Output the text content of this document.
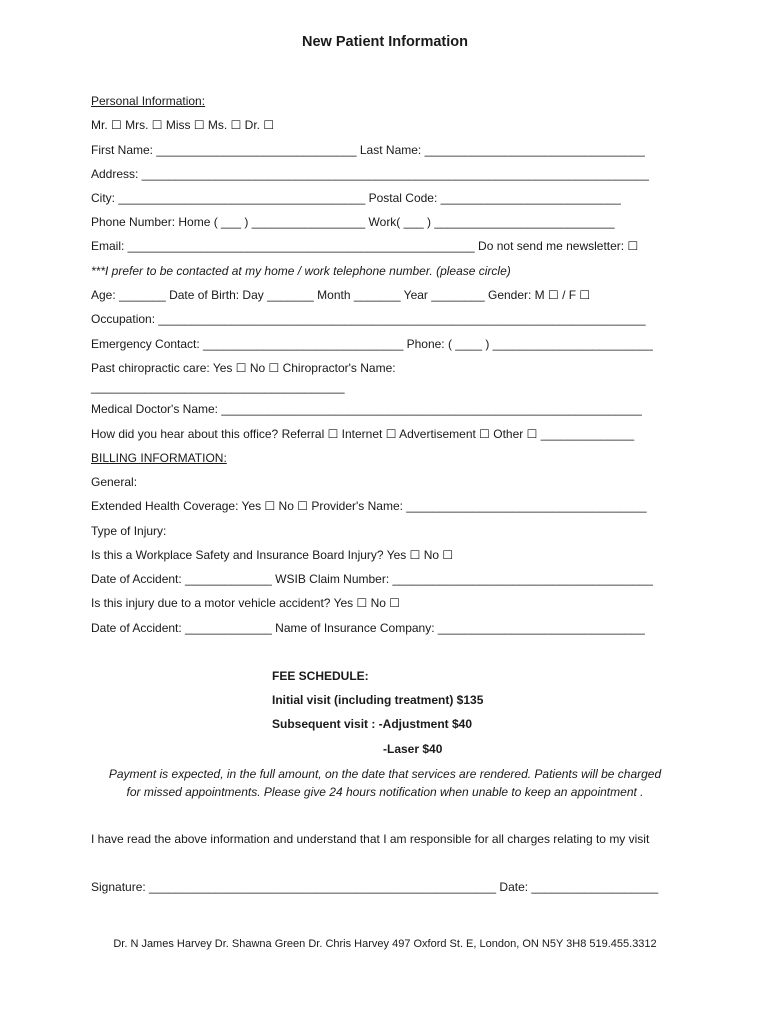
New Patient Information
Personal Information:
Mr. ☐ Mrs. ☐ Miss ☐ Ms. ☐ Dr. ☐
First Name: ______________________________ Last Name: _________________________________
Address: ____________________________________________________________________________
City: _____________________________________ Postal Code: ___________________________
Phone Number: Home ( ___ ) _________________ Work( ___ ) ___________________________
Email: ____________________________________________________ Do not send me newsletter: ☐
***I prefer to be contacted at my home / work telephone number. (please circle)
Age: _______ Date of Birth: Day _______ Month _______ Year ________ Gender: M ☐ / F ☐
Occupation: _________________________________________________________________________
Emergency Contact: ______________________________ Phone: ( ____ ) ________________________
Past chiropractic care: Yes ☐ No ☐ Chiropractor's Name:
______________________________________
Medical Doctor's Name: _______________________________________________________________
How did you hear about this office? Referral ☐ Internet ☐ Advertisement ☐ Other ☐ ______________
BILLING INFORMATION:
General:
Extended Health Coverage: Yes ☐ No ☐ Provider's Name: ____________________________________
Type of Injury:
Is this a Workplace Safety and Insurance Board Injury? Yes ☐ No ☐
Date of Accident: _____________ WSIB Claim Number: _______________________________________
Is this injury due to a motor vehicle accident? Yes ☐ No ☐
Date of Accident: _____________ Name of Insurance Company: _______________________________
FEE SCHEDULE:
Initial visit (including treatment) $135
Subsequent visit : -Adjustment $40
-Laser $40
Payment is expected, in the full amount, on the date that services are rendered. Patients will be charged
for missed appointments. Please give 24 hours notification when unable to keep an appointment .
I have read the above information and understand that I am responsible for all charges relating to my visit
Signature: ____________________________________________________ Date: ___________________
Dr. N James Harvey Dr. Shawna Green Dr. Chris Harvey 497 Oxford St. E, London, ON N5Y 3H8 519.455.3312
